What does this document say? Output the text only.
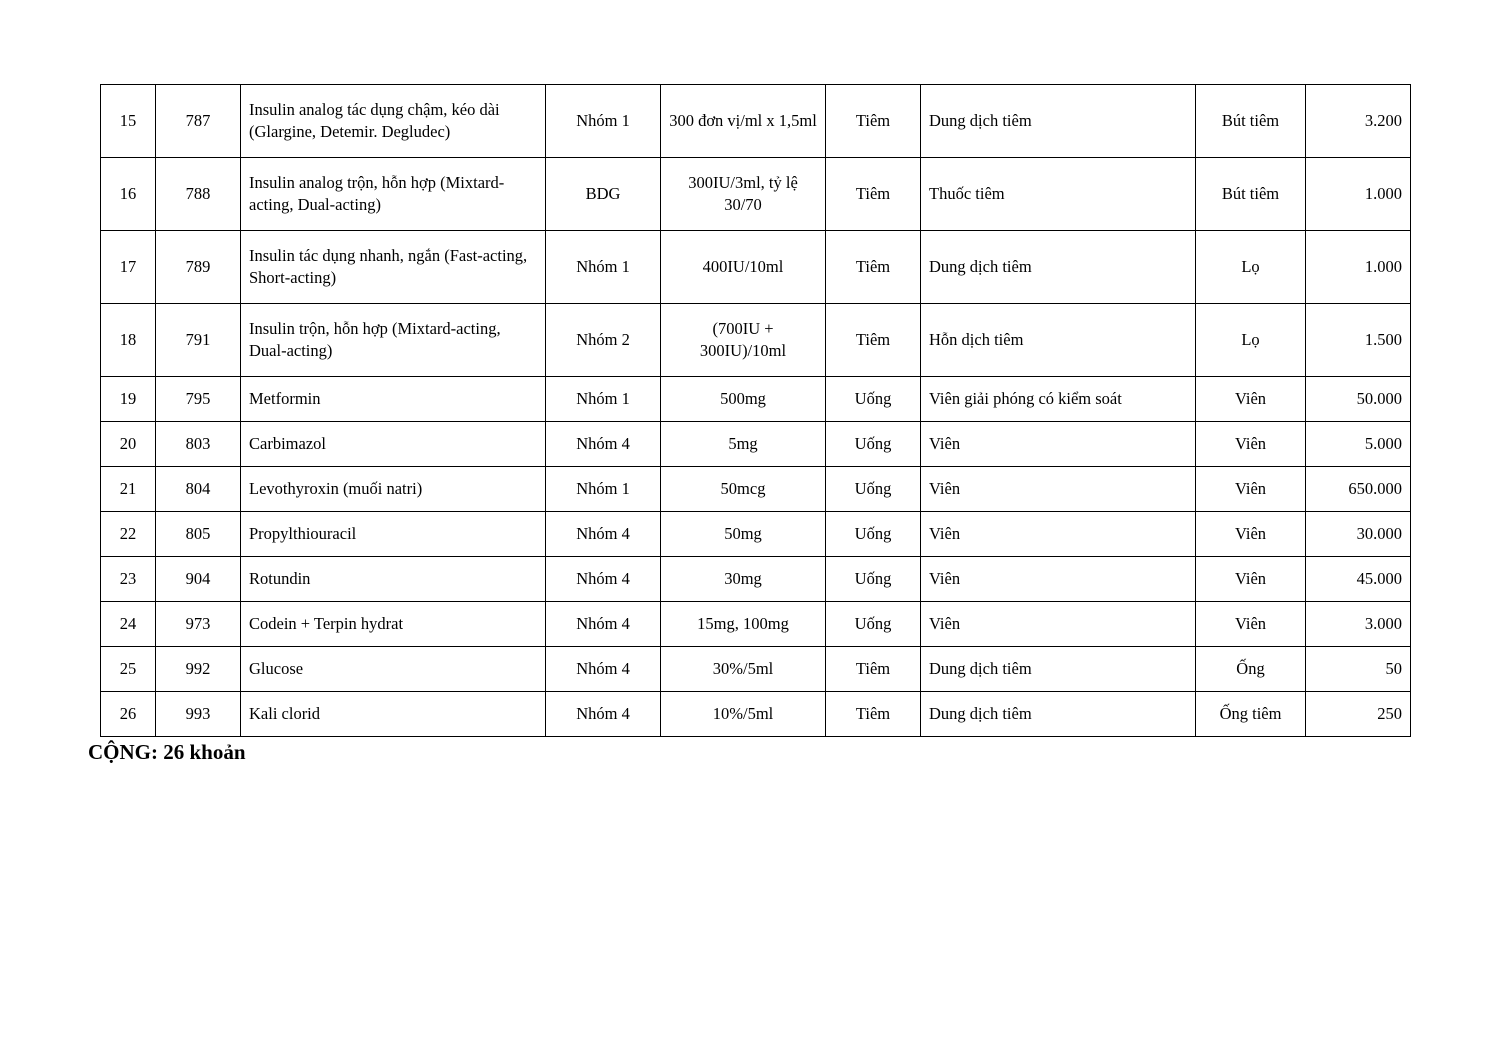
15	787	Insulin analog tác dụng chậm, kéo dài (Glargine, Detemir. Degludec)	Nhóm 1	300 đơn vị/ml x 1,5ml	Tiêm	Dung dịch tiêm	Bút tiêm	3.200
16	788	Insulin analog trộn, hỗn hợp (Mixtard-acting, Dual-acting)	BDG	300IU/3ml, tỷ lệ 30/70	Tiêm	Thuốc tiêm	Bút tiêm	1.000
17	789	Insulin tác dụng nhanh, ngắn (Fast-acting, Short-acting)	Nhóm 1	400IU/10ml	Tiêm	Dung dịch tiêm	Lọ	1.000
18	791	Insulin trộn, hỗn hợp (Mixtard-acting, Dual-acting)	Nhóm 2	(700IU + 300IU)/10ml	Tiêm	Hỗn dịch tiêm	Lọ	1.500
19	795	Metformin	Nhóm 1	500mg	Uống	Viên giải phóng có kiểm soát	Viên	50.000
20	803	Carbimazol	Nhóm 4	5mg	Uống	Viên	Viên	5.000
21	804	Levothyroxin (muối natri)	Nhóm 1	50mcg	Uống	Viên	Viên	650.000
22	805	Propylthiouracil	Nhóm 4	50mg	Uống	Viên	Viên	30.000
23	904	Rotundin	Nhóm 4	30mg	Uống	Viên	Viên	45.000
24	973	Codein + Terpin hydrat	Nhóm 4	15mg, 100mg	Uống	Viên	Viên	3.000
25	992	Glucose	Nhóm 4	30%/5ml	Tiêm	Dung dịch tiêm	Ống	50
26	993	Kali clorid	Nhóm 4	10%/5ml	Tiêm	Dung dịch tiêm	Ống tiêm	250
CỘNG: 26 khoản
